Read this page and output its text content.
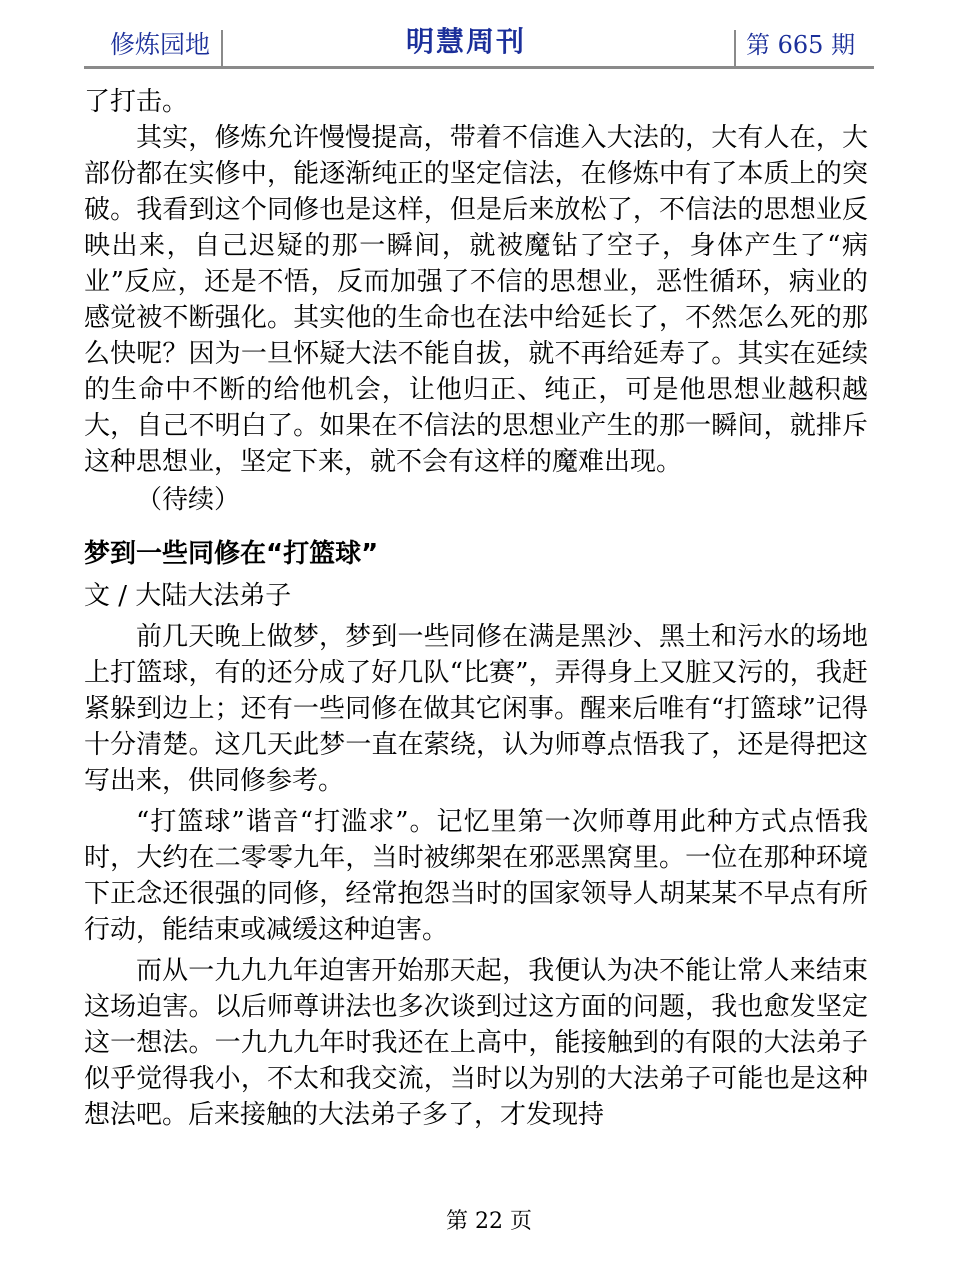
修炼园地	明慧周刊	第 665 期

了打击。

其实，修炼允许慢慢提高，带着不信進入大法的，大有人在，大部份都在实修中，能逐渐纯正的坚定信法，在修炼中有了本质上的突破。我看到这个同修也是这样，但是后来放松了，不信法的思想业反映出来，自己迟疑的那一瞬间，就被魔钻了空子，身体产生了“病业”反应，还是不悟，反而加强了不信的思想业，恶性循环，病业的感觉被不断强化。其实他的生命也在法中给延长了，不然怎么死的那么快呢？因为一旦怀疑大法不能自拔，就不再给延寿了。其实在延续的生命中不断的给他机会，让他归正、纯正，可是他思想业越积越大，自己不明白了。如果在不信法的思想业产生的那一瞬间，就排斥这种思想业，坚定下来，就不会有这样的魔难出现。

（待续）

梦到一些同修在“打篮球”

文 / 大陆大法弟子

前几天晚上做梦，梦到一些同修在满是黑沙、黑土和污水的场地上打篮球，有的还分成了好几队“比赛”，弄得身上又脏又污的，我赶紧躲到边上；还有一些同修在做其它闲事。醒来后唯有“打篮球”记得十分清楚。这几天此梦一直在萦绕，认为师尊点悟我了，还是得把这写出来，供同修参考。

“打篮球”谐音“打滥求”。记忆里第一次师尊用此种方式点悟我时，大约在二零零九年，当时被绑架在邪恶黑窝里。一位在那种环境下正念还很强的同修，经常抱怨当时的国家领导人胡某某不早点有所行动，能结束或减缓这种迫害。

而从一九九九年迫害开始那天起，我便认为决不能让常人来结束这场迫害。以后师尊讲法也多次谈到过这方面的问题，我也愈发坚定这一想法。一九九九年时我还在上高中，能接触到的有限的大法弟子似乎觉得我小，不太和我交流，当时以为别的大法弟子可能也是这种想法吧。后来接触的大法弟子多了，才发现持

第 22 页
